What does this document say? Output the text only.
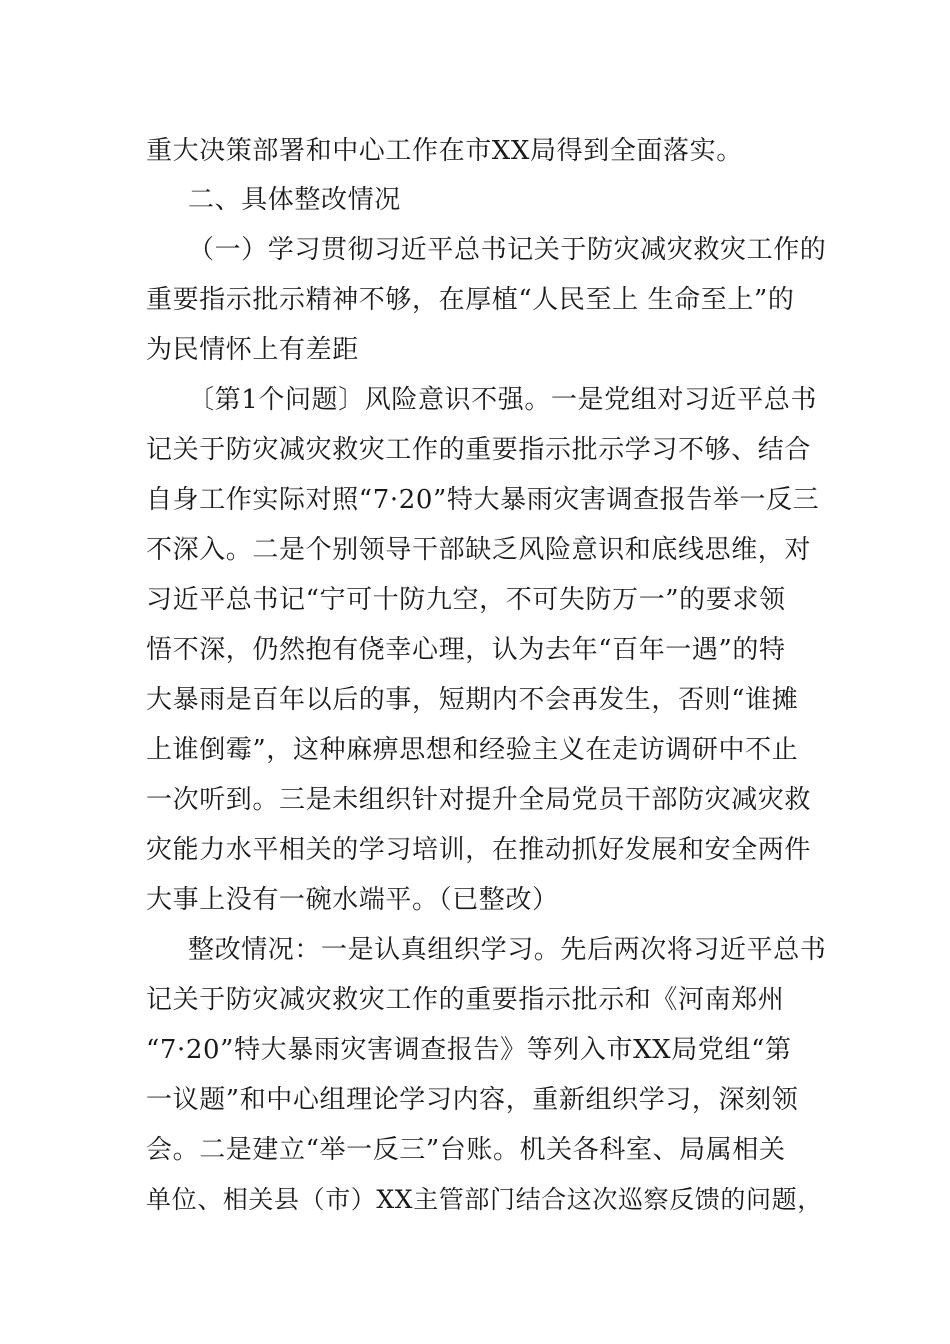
重大决策部署和中心工作在市XX局得到全面落实。
二、具体整改情况
（一）学习贯彻习近平总书记关于防灾减灾救灾工作的
重要指示批示精神不够，在厚植“人民至上 生命至上”的
为民情怀上有差距
〔第1个问题〕风险意识不强。一是党组对习近平总书
记关于防灾减灾救灾工作的重要指示批示学习不够、结合
自身工作实际对照“7·20”特大暴雨灾害调查报告举一反三
不深入。二是个别领导干部缺乏风险意识和底线思维，对
习近平总书记“宁可十防九空，不可失防万一”的要求领
悟不深，仍然抱有侥幸心理，认为去年“百年一遇”的特
大暴雨是百年以后的事，短期内不会再发生，否则“谁摊
上谁倒霉”，这种麻痹思想和经验主义在走访调研中不止
一次听到。三是未组织针对提升全局党员干部防灾减灾救
灾能力水平相关的学习培训，在推动抓好发展和安全两件
大事上没有一碗水端平。（已整改）
整改情况：一是认真组织学习。先后两次将习近平总书
记关于防灾减灾救灾工作的重要指示批示和《河南郑州
“7·20”特大暴雨灾害调查报告》等列入市XX局党组“第
一议题”和中心组理论学习内容，重新组织学习，深刻领
会。二是建立“举一反三”台账。机关各科室、局属相关
单位、相关县（市）XX主管部门结合这次巡察反馈的问题，
